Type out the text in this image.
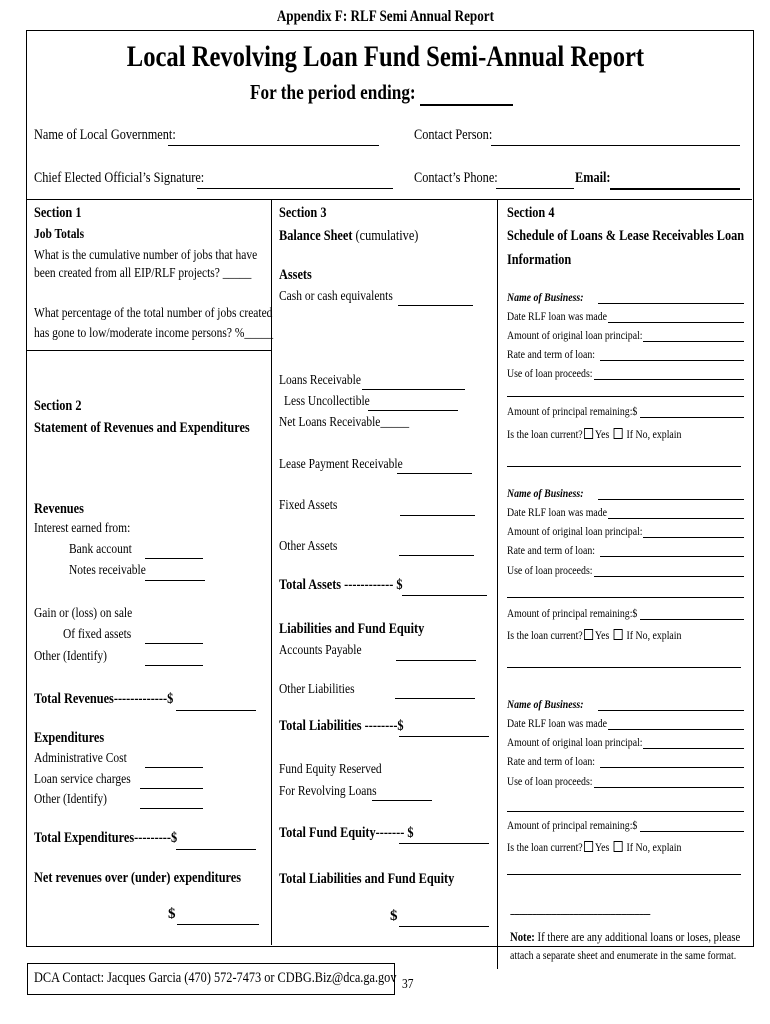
Appendix F: RLF Semi Annual Report
Local Revolving Loan Fund Semi-Annual Report
For the period ending:
Name of Local Government:	Contact Person:
Chief Elected Official’s Signature:	Contact’s Phone:	Email:
Section 1
Job Totals
What is the cumulative number of jobs that have
been created from all EIP/RLF projects? _____
What percentage of the total number of jobs created
has gone to low/moderate income persons? %_____
Section 2
Statement of Revenues and Expenditures
Revenues
Interest earned from:
Bank account
Notes receivable
Gain or (loss) on sale
Of fixed assets
Other (Identify)
Total Revenues-------------$
Expenditures
Administrative Cost
Loan service charges
Other (Identify)
Total Expenditures---------$
Net revenues over (under) expenditures
$
Section 3
Balance Sheet (cumulative)
Assets
Cash or cash equivalents
Loans Receivable
Less Uncollectible
Net Loans Receivable_____
Lease Payment Receivable
Fixed Assets
Other Assets
Total Assets ------------ $
Liabilities and Fund Equity
Accounts Payable
Other Liabilities
Total Liabilities --------$
Fund Equity Reserved
For Revolving Loans
Total Fund Equity------- $
Total Liabilities and Fund Equity
$
Section 4
Schedule of Loans & Lease Receivables Loan
Information
Name of Business:
Date RLF loan was made
Amount of original loan principal:
Rate and term of loan:
Use of loan proceeds:
Amount of principal remaining:$
Is the loan current? Yes If No, explain
Name of Business:
Date RLF loan was made
Amount of original loan principal:
Rate and term of loan:
Use of loan proceeds:
Amount of principal remaining:$
Is the loan current? Yes If No, explain
Name of Business:
Date RLF loan was made
Amount of original loan principal:
Rate and term of loan:
Use of loan proceeds:
Amount of principal remaining:$
Is the loan current? Yes If No, explain
----------------------------------------------------------------
Note: If there are any additional loans or loses, please
attach a separate sheet and enumerate in the same format.
DCA Contact: Jacques Garcia (470) 572-7473 or CDBG.Biz@dca.ga.gov 37
